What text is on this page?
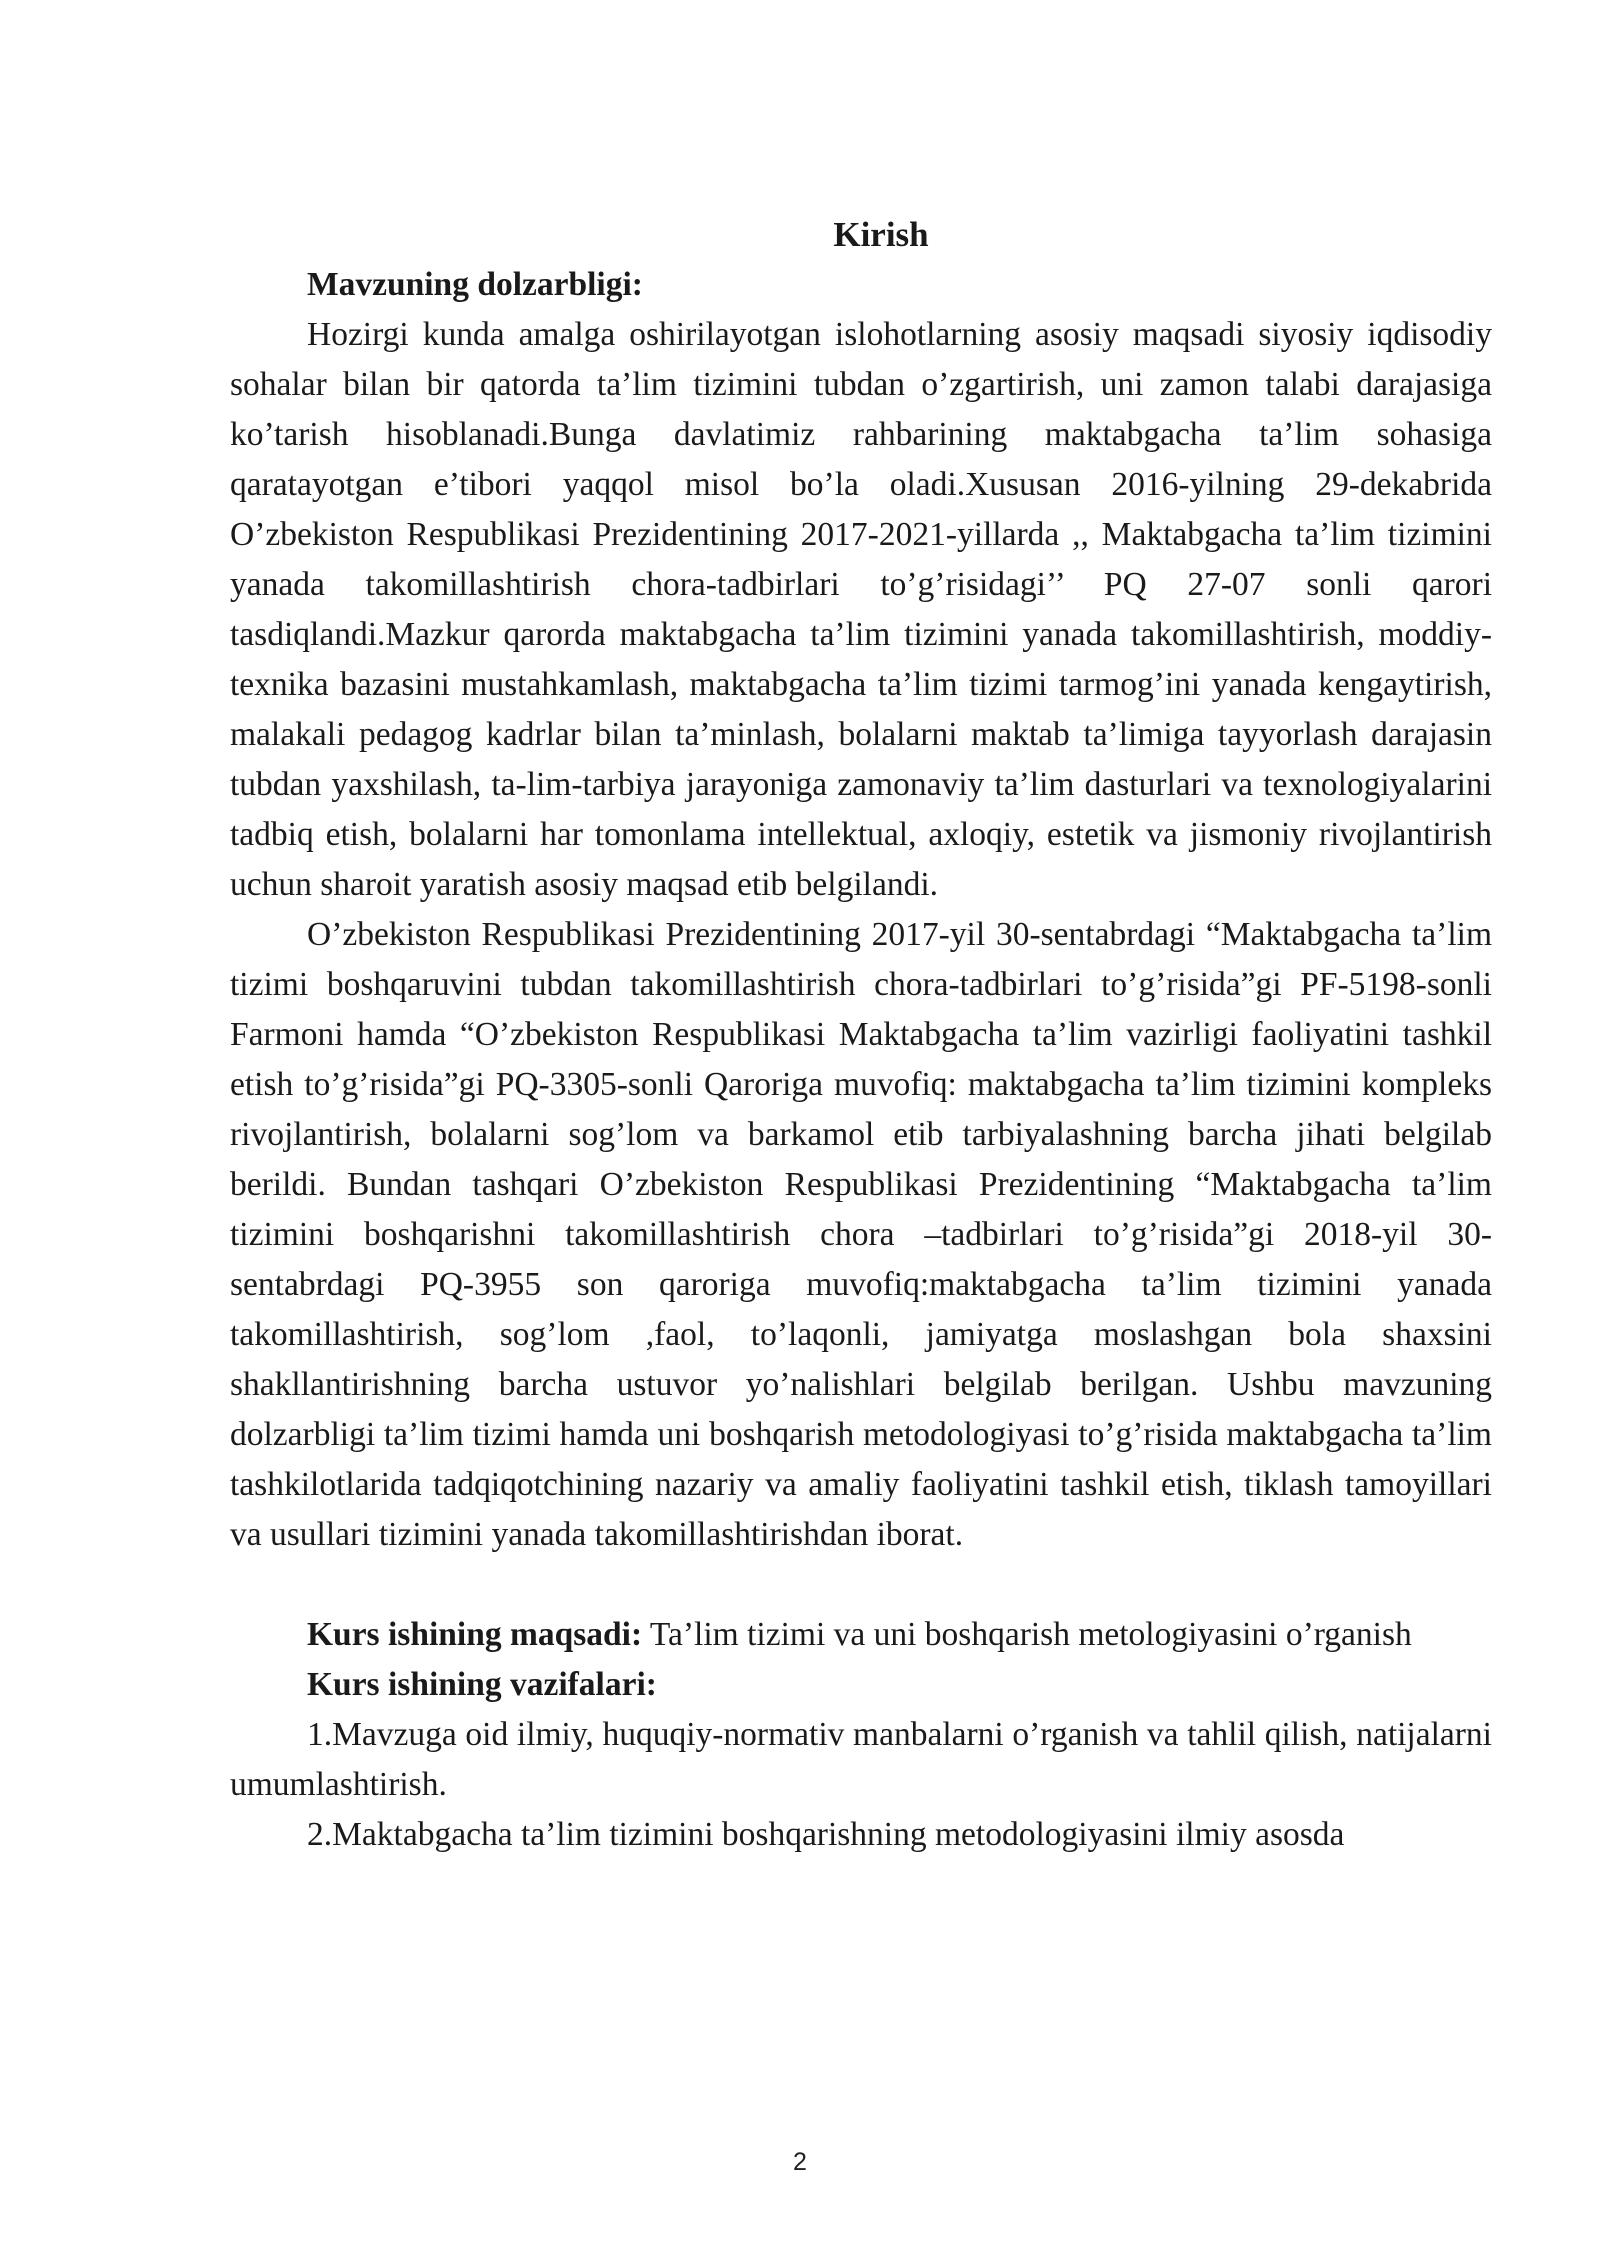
Kirish

Mavzuning dolzarbligi:

Hozirgi kunda amalga oshirilayotgan islohotlarning asosiy maqsadi siyosiy iqdisodiy sohalar bilan bir qatorda ta’lim tizimini tubdan o’zgartirish, uni zamon talabi darajasiga ko’tarish hisoblanadi.Bunga davlatimiz rahbarining maktabgacha ta’lim sohasiga qaratayotgan e’tibori yaqqol misol bo’la oladi.Xususan 2016-yilning 29-dekabrida O’zbekiston Respublikasi Prezidentining 2017-2021-yillarda ,, Maktabgacha ta’lim tizimini yanada takomillashtirish chora-tadbirlari to’g’risidagi’’ PQ 27-07 sonli qarori tasdiqlandi.Mazkur qarorda maktabgacha ta’lim tizimini yanada takomillashtirish, moddiy-texnika bazasini mustahkamlash, maktabgacha ta’lim tizimi tarmog’ini yanada kengaytirish, malakali pedagog kadrlar bilan ta’minlash, bolalarni maktab ta’limiga tayyorlash darajasin tubdan yaxshilash, ta-lim-tarbiya jarayoniga zamonaviy ta’lim dasturlari va texnologiyalarini tadbiq etish, bolalarni har tomonlama intellektual, axloqiy, estetik va jismoniy rivojlantirish uchun sharoit yaratish asosiy maqsad etib belgilandi.

O’zbekiston Respublikasi Prezidentining 2017-yil 30-sentabrdagi “Maktabgacha ta’lim tizimi boshqaruvini tubdan takomillashtirish chora-tadbirlari to’g’risida”gi PF-5198-sonli Farmoni hamda “O’zbekiston Respublikasi Maktabgacha ta’lim vazirligi faoliyatini tashkil etish to’g’risida”gi PQ-3305-sonli Qaroriga muvofiq: maktabgacha ta’lim tizimini kompleks rivojlantirish, bolalarni sog’lom va barkamol etib tarbiyalashning barcha jihati belgilab berildi. Bundan tashqari O’zbekiston Respublikasi Prezidentining “Maktabgacha ta’lim tizimini boshqarishni takomillashtirish chora –tadbirlari to’g’risida”gi 2018-yil 30-sentabrdagi PQ-3955 son qaroriga muvofiq:maktabgacha ta’lim tizimini yanada takomillashtirish, sog’lom ,faol, to’laqonli, jamiyatga moslashgan bola shaxsini shakllantirishning barcha ustuvor yo’nalishlari belgilab berilgan. Ushbu mavzuning dolzarbligi ta’lim tizimi hamda uni boshqarish metodologiyasi to’g’risida maktabgacha ta’lim tashkilotlarida tadqiqotchining nazariy va amaliy faoliyatini tashkil etish, tiklash tamoyillari va usullari tizimini yanada takomillashtirishdan iborat.

Kurs ishining maqsadi: Ta’lim tizimi va uni boshqarish metologiyasini o’rganish

Kurs ishining vazifalari:

1.Mavzuga oid ilmiy, huquqiy-normativ manbalarni o’rganish va tahlil qilish, natijalarni umumlashtirish.

2.Maktabgacha ta’lim tizimini boshqarishning metodologiyasini ilmiy asosda

2
